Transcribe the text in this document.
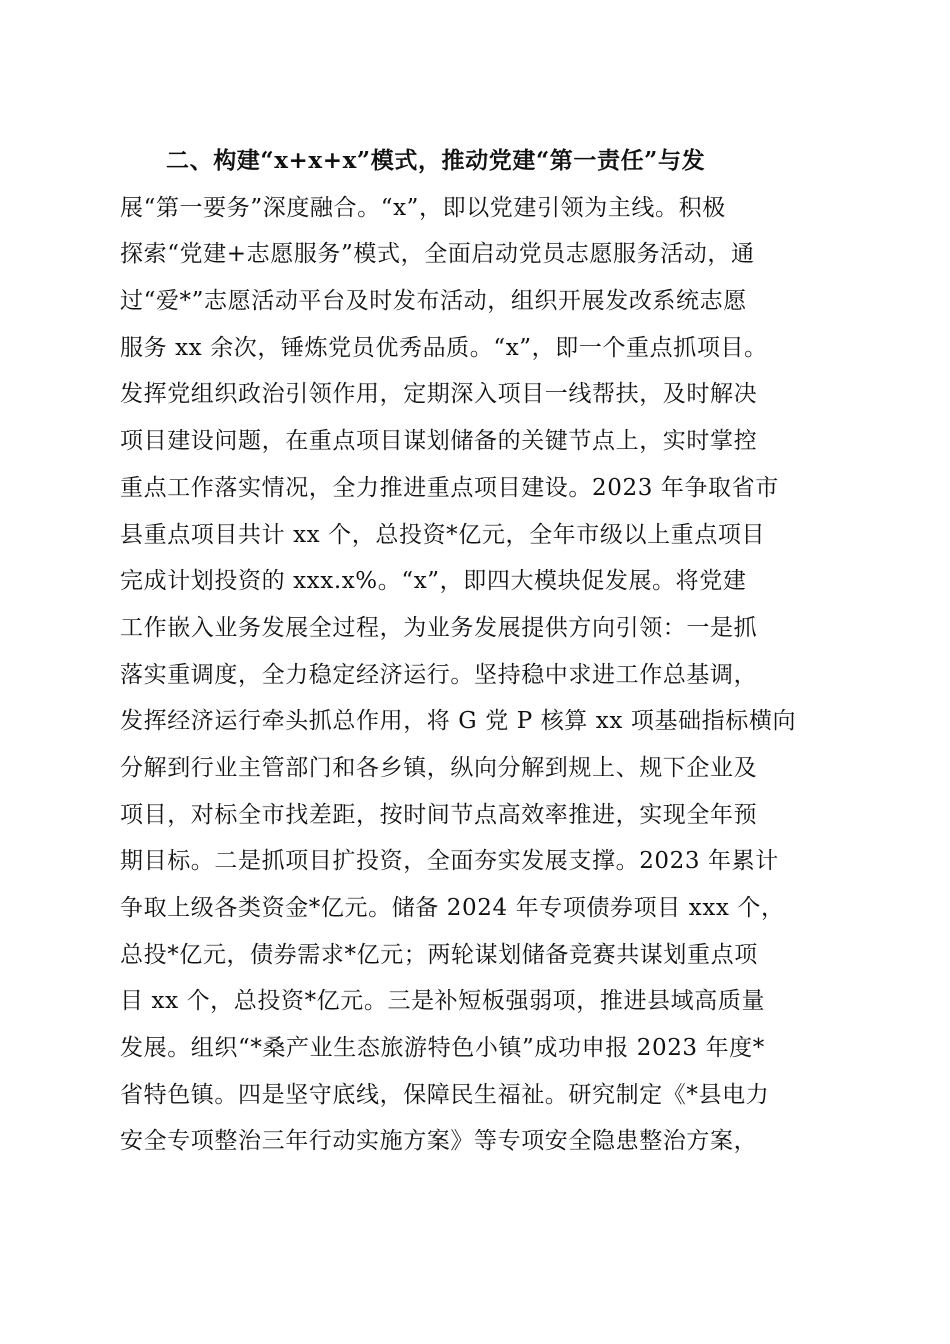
二、构建“x+x+x”模式，推动党建“第一责任”与发
展“第一要务”深度融合。“x”，即以党建引领为主线。积极
探索“党建+志愿服务”模式，全面启动党员志愿服务活动，通
过“爱*”志愿活动平台及时发布活动，组织开展发改系统志愿
服务 xx 余次，锤炼党员优秀品质。“x”，即一个重点抓项目。
发挥党组织政治引领作用，定期深入项目一线帮扶，及时解决
项目建设问题，在重点项目谋划储备的关键节点上，实时掌控
重点工作落实情况，全力推进重点项目建设。2023 年争取省市
县重点项目共计 xx 个，总投资*亿元，全年市级以上重点项目
完成计划投资的 xxx.x%。“x”，即四大模块促发展。将党建
工作嵌入业务发展全过程，为业务发展提供方向引领：一是抓
落实重调度，全力稳定经济运行。坚持稳中求进工作总基调，
发挥经济运行牵头抓总作用，将 G 党 P 核算 xx 项基础指标横向
分解到行业主管部门和各乡镇，纵向分解到规上、规下企业及
项目，对标全市找差距，按时间节点高效率推进，实现全年预
期目标。二是抓项目扩投资，全面夯实发展支撑。2023 年累计
争取上级各类资金*亿元。储备 2024 年专项债券项目 xxx 个，
总投*亿元，债券需求*亿元；两轮谋划储备竞赛共谋划重点项
目 xx 个，总投资*亿元。三是补短板强弱项，推进县域高质量
发展。组织“*桑产业生态旅游特色小镇”成功申报 2023 年度*
省特色镇。四是坚守底线，保障民生福祉。研究制定《*县电力
安全专项整治三年行动实施方案》等专项安全隐患整治方案，
